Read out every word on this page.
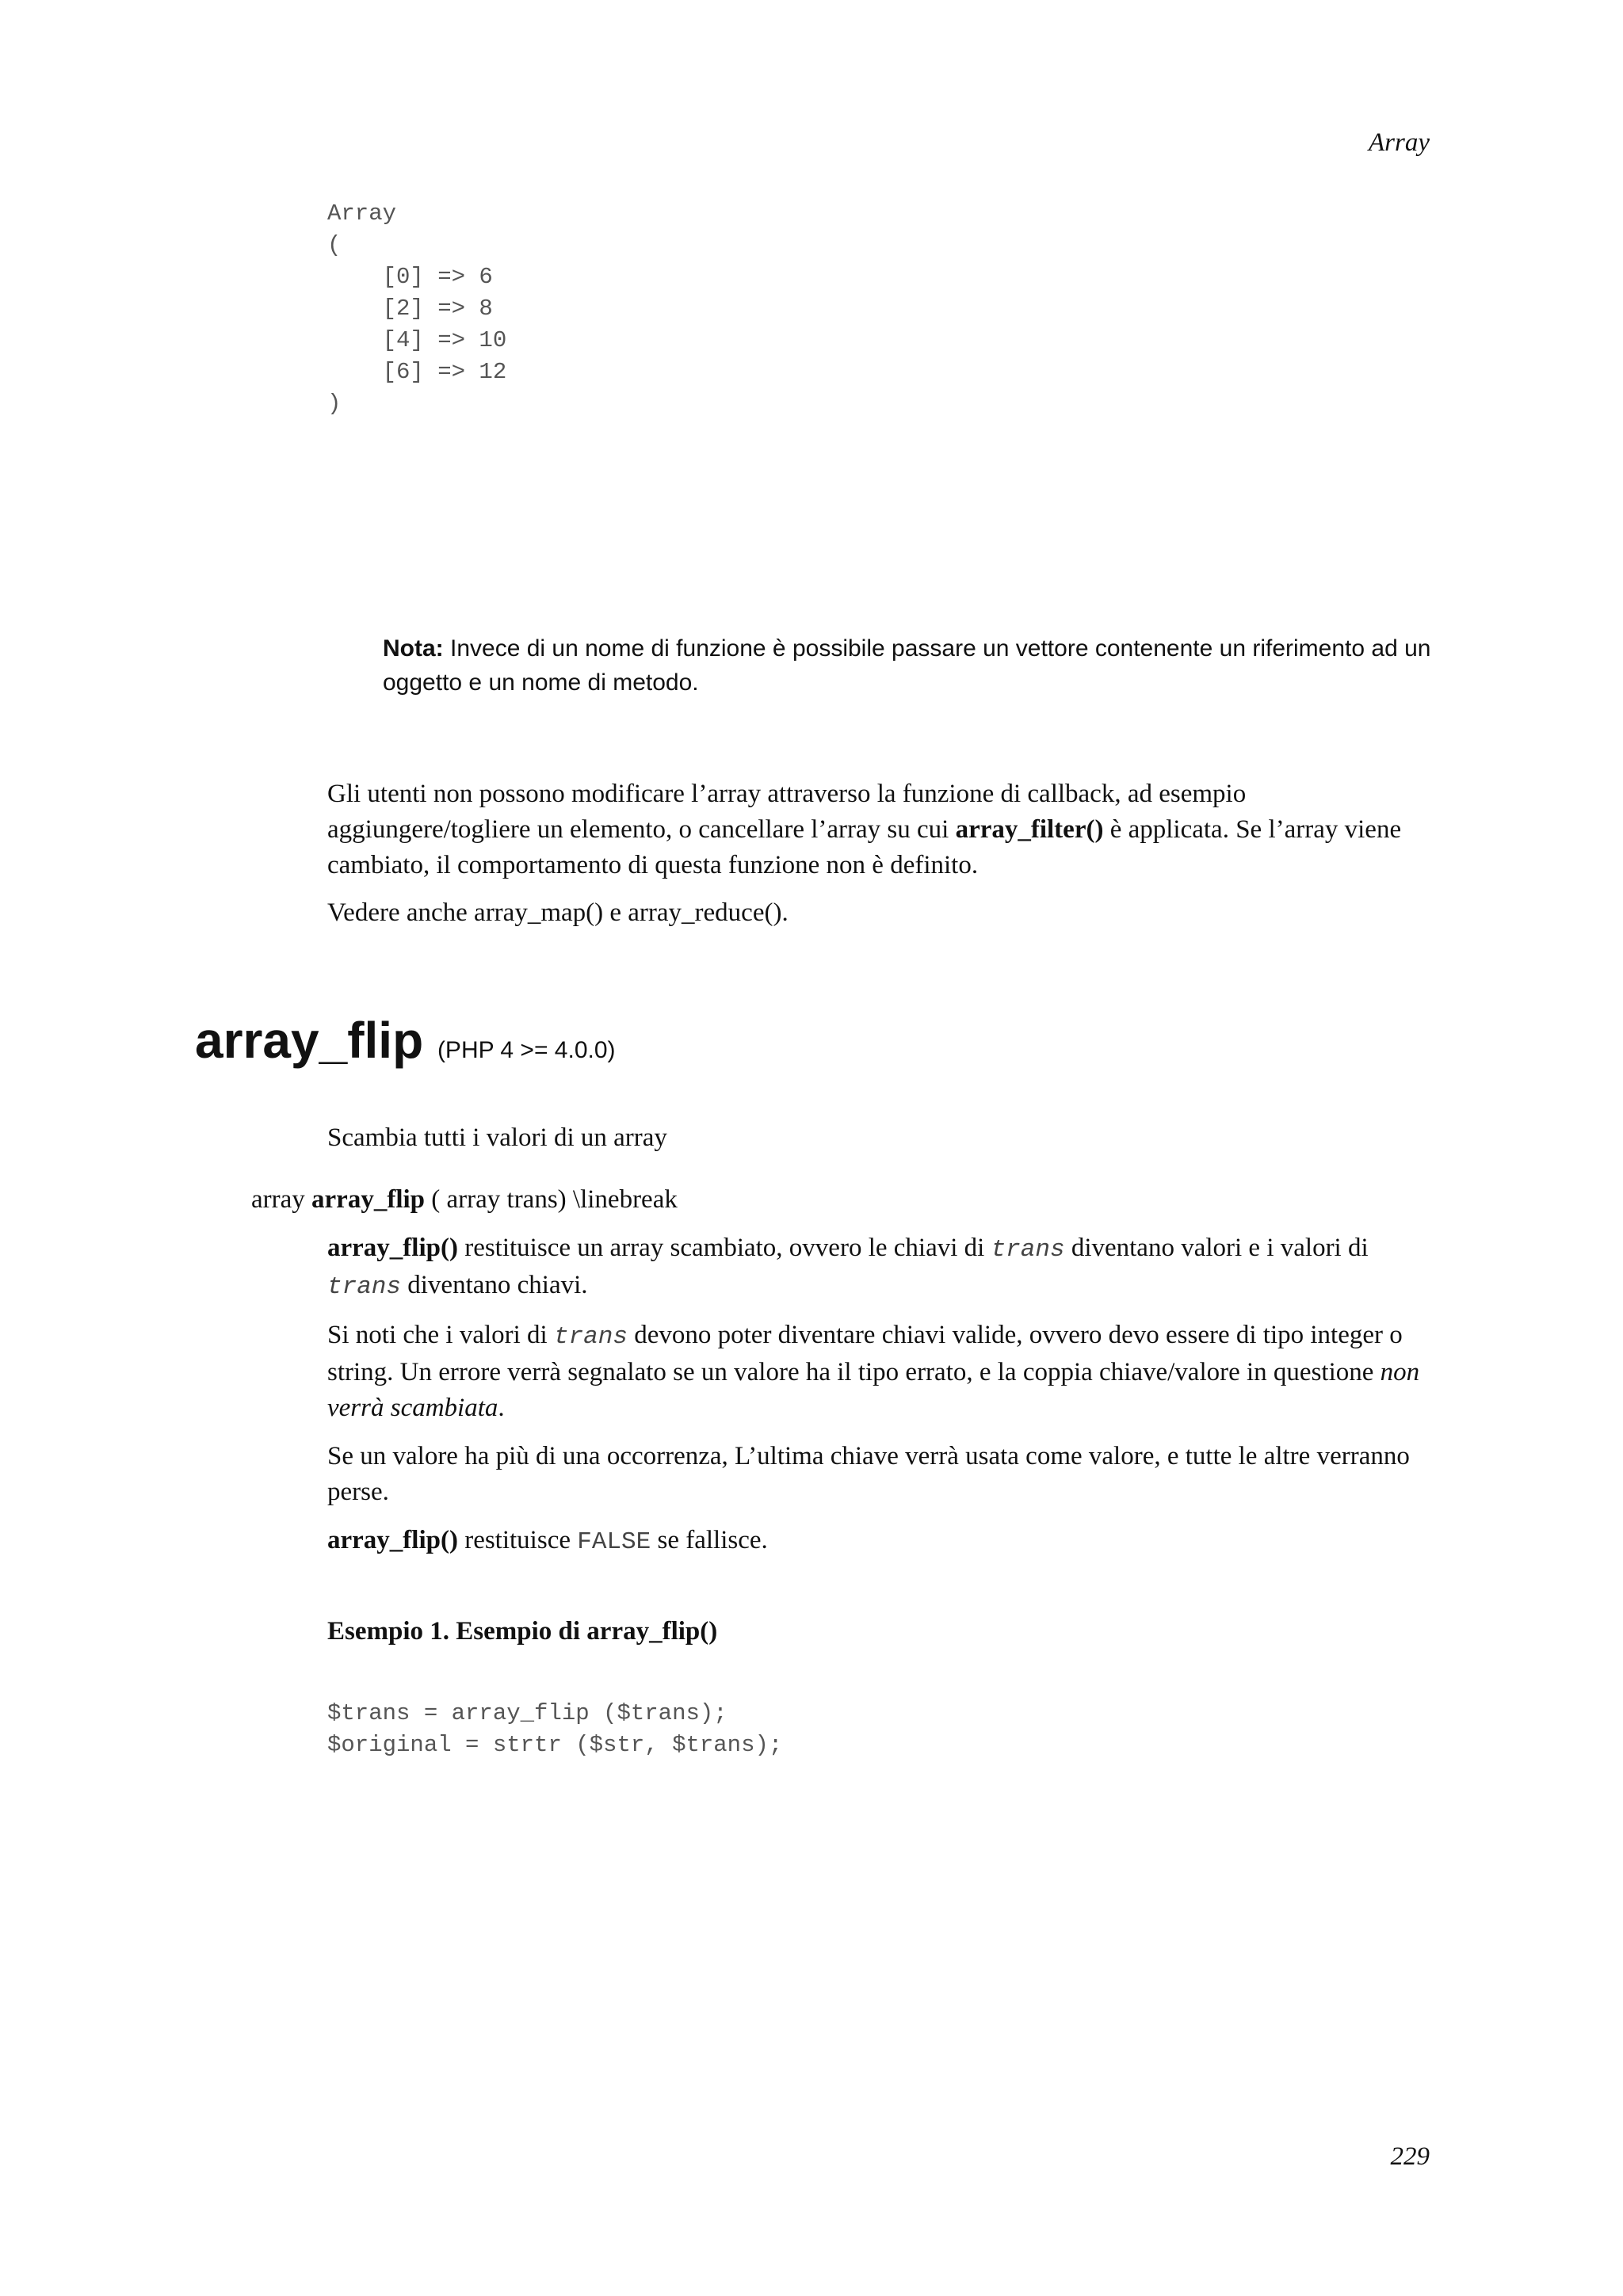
Array
Array
(
[0] => 6
[2] => 8
[4] => 10
[6] => 12
)
Nota: Invece di un nome di funzione è possibile passare un vettore contenente un riferimento ad un oggetto e un nome di metodo.

Gli utenti non possono modificare l’array attraverso la funzione di callback, ad esempio aggiungere/togliere un elemento, o cancellare l’array su cui array_filter() è applicata. Se l’array viene cambiato, il comportamento di questa funzione non è definito.

Vedere anche array_map() e array_reduce().
array_flip (PHP 4 >= 4.0.0)
Scambia tutti i valori di un array
array array_flip ( array trans) \linebreak

array_flip() restituisce un array scambiato, ovvero le chiavi di trans diventano valori e i valori di trans diventano chiavi.

Si noti che i valori di trans devono poter diventare chiavi valide, ovvero devo essere di tipo integer o string. Un errore verrà segnalato se un valore ha il tipo errato, e la coppia chiave/valore in questione non verrà scambiata.

Se un valore ha più di una occorrenza, L’ultima chiave verrà usata come valore, e tutte le altre verranno perse.

array_flip() restituisce FALSE se fallisce.

Esempio 1. Esempio di array_flip()
$trans = array_flip ($trans);
$original = strtr ($str, $trans);
229
